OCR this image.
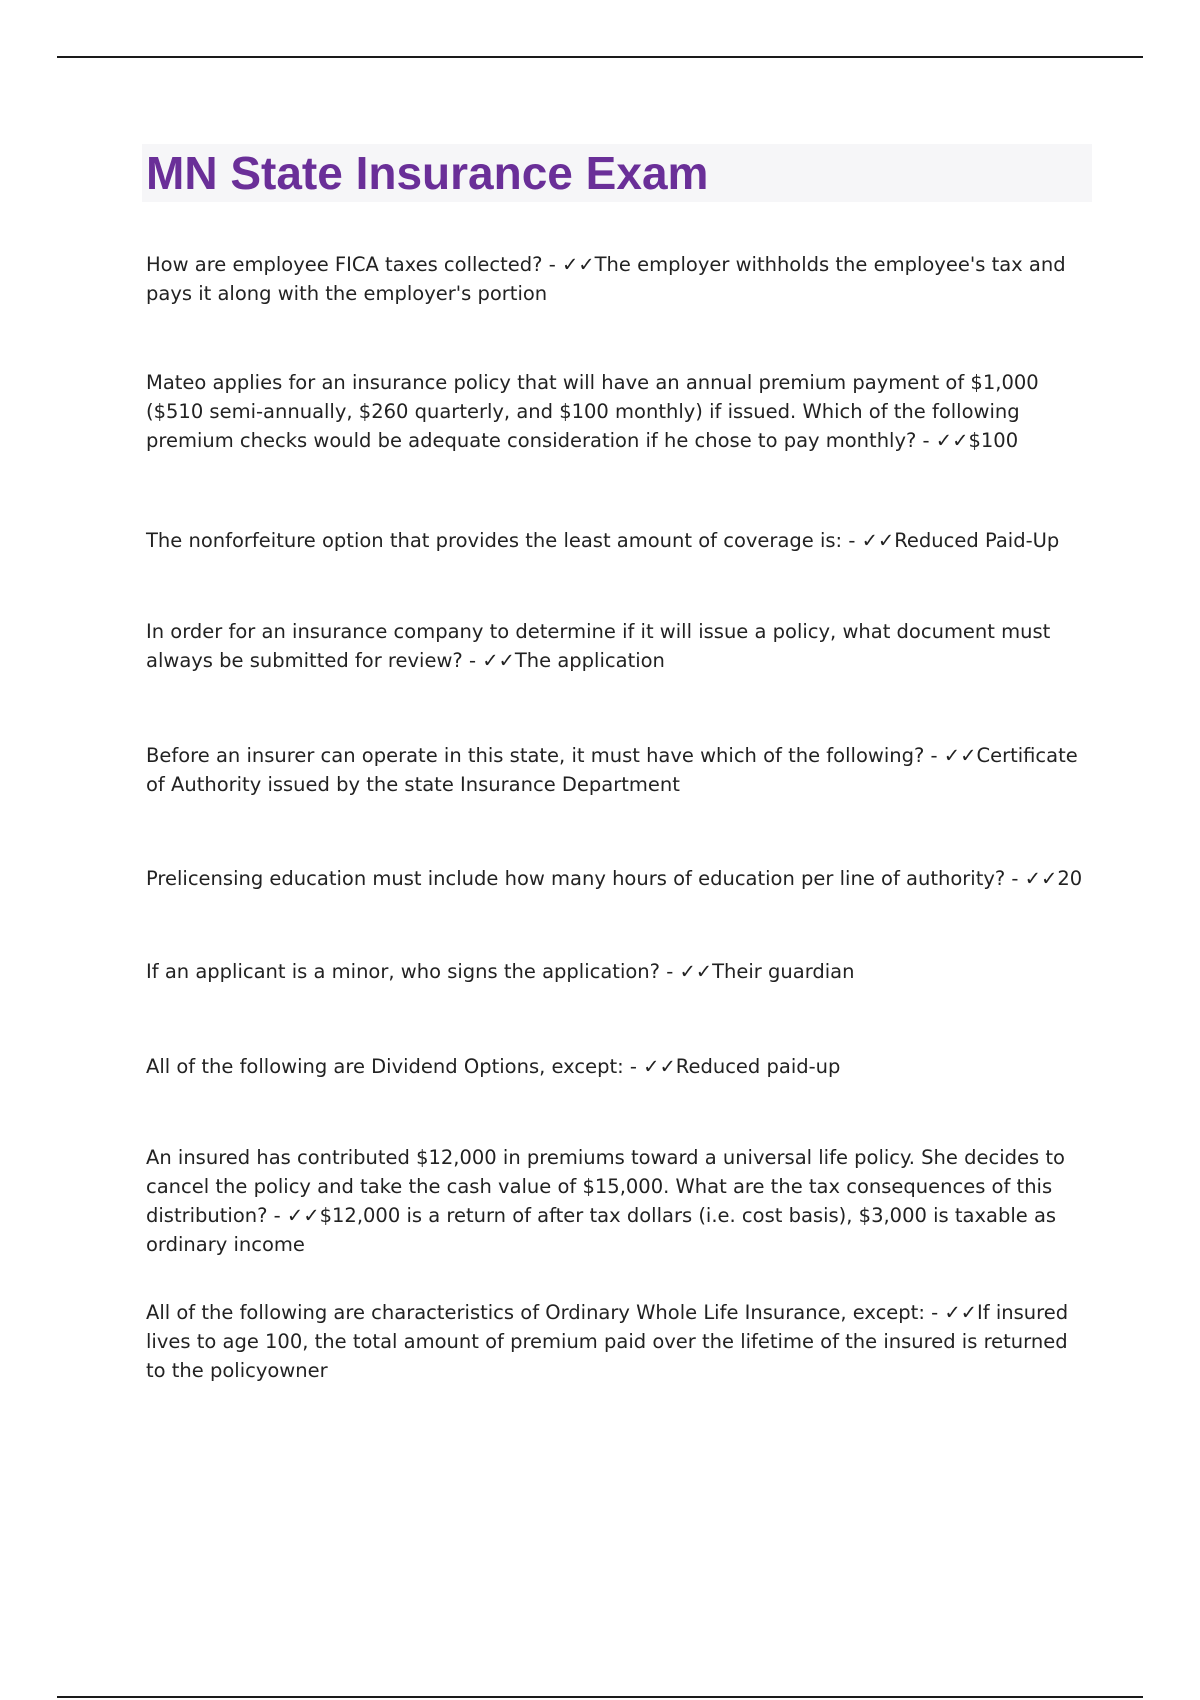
MN State Insurance Exam

How are employee FICA taxes collected? - ✓✓The employer withholds the employee's tax and pays it along with the employer's portion

Mateo applies for an insurance policy that will have an annual premium payment of $1,000 ($510 semi-annually, $260 quarterly, and $100 monthly) if issued. Which of the following premium checks would be adequate consideration if he chose to pay monthly? - ✓✓$100

The nonforfeiture option that provides the least amount of coverage is: - ✓✓Reduced Paid-Up

In order for an insurance company to determine if it will issue a policy, what document must always be submitted for review? - ✓✓The application

Before an insurer can operate in this state, it must have which of the following? - ✓✓Certificate of Authority issued by the state Insurance Department

Prelicensing education must include how many hours of education per line of authority? - ✓✓20

If an applicant is a minor, who signs the application? - ✓✓Their guardian

All of the following are Dividend Options, except: - ✓✓Reduced paid-up

An insured has contributed $12,000 in premiums toward a universal life policy. She decides to cancel the policy and take the cash value of $15,000. What are the tax consequences of this distribution? - ✓✓$12,000 is a return of after tax dollars (i.e. cost basis), $3,000 is taxable as ordinary income

All of the following are characteristics of Ordinary Whole Life Insurance, except: - ✓✓If insured lives to age 100, the total amount of premium paid over the lifetime of the insured is returned to the policyowner
